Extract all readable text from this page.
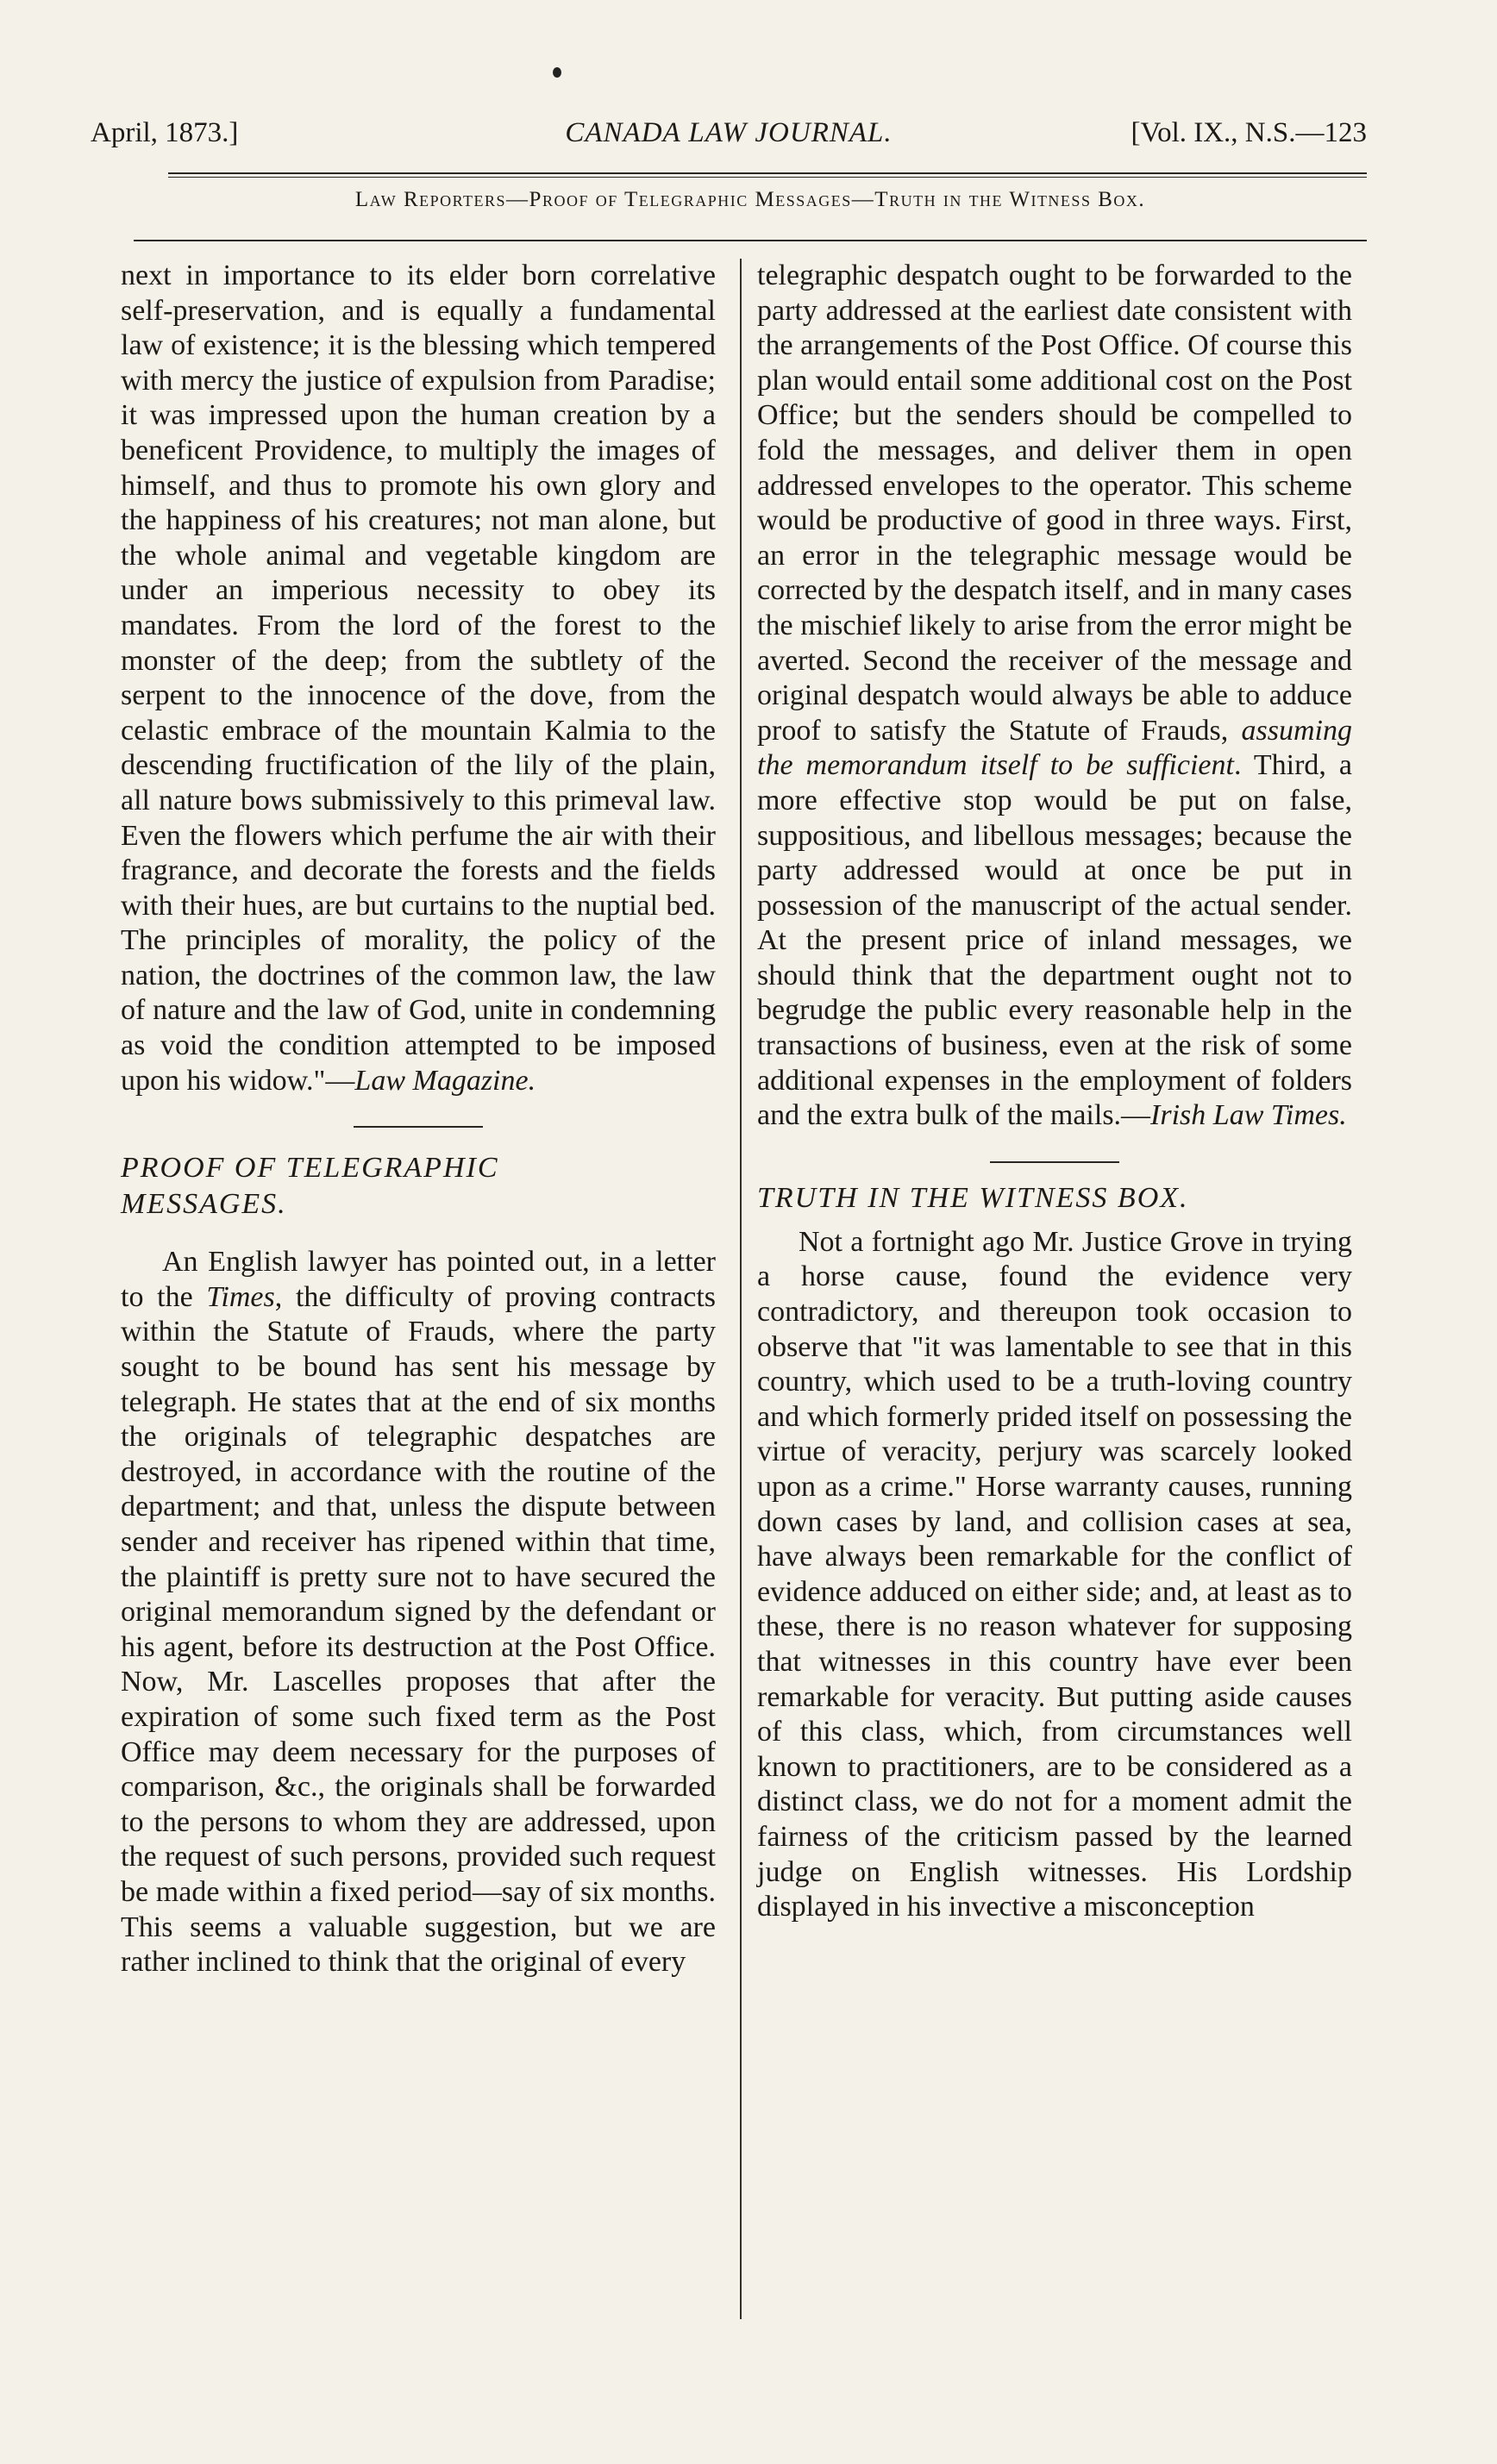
April, 1873.]	CANADA LAW JOURNAL.	[Vol. IX., N.S.—123
Law Reporters—Proof of Telegraphic Messages—Truth in the Witness Box.

next in importance to its elder born correlative self-preservation, and is equally a fundamental law of existence; it is the blessing which tempered with mercy the justice of expulsion from Paradise; it was impressed upon the human creation by a beneficent Providence, to multiply the images of himself, and thus to promote his own glory and the happiness of his creatures; not man alone, but the whole animal and vegetable kingdom are under an imperious necessity to obey its mandates. From the lord of the forest to the monster of the deep; from the subtlety of the serpent to the innocence of the dove, from the celastic embrace of the mountain Kalmia to the descending fructification of the lily of the plain, all nature bows submissively to this primeval law. Even the flowers which perfume the air with their fragrance, and decorate the forests and the fields with their hues, are but curtains to the nuptial bed. The principles of morality, the policy of the nation, the doctrines of the common law, the law of nature and the law of God, unite in condemning as void the condition attempted to be imposed upon his widow."—Law Magazine.

PROOF OF TELEGRAPHIC
MESSAGES.

An English lawyer has pointed out, in a letter to the Times, the difficulty of proving contracts within the Statute of Frauds, where the party sought to be bound has sent his message by telegraph. He states that at the end of six months the originals of telegraphic despatches are destroyed, in accordance with the routine of the department; and that, unless the dispute between sender and receiver has ripened within that time, the plaintiff is pretty sure not to have secured the original memorandum signed by the defendant or his agent, before its destruction at the Post Office. Now, Mr. Lascelles proposes that after the expiration of some such fixed term as the Post Office may deem necessary for the purposes of comparison, &c., the originals shall be forwarded to the persons to whom they are addressed, upon the request of such persons, provided such request be made within a fixed period—say of six months. This seems a valuable suggestion, but we are rather inclined to think that the original of every

telegraphic despatch ought to be forwarded to the party addressed at the earliest date consistent with the arrangements of the Post Office. Of course this plan would entail some additional cost on the Post Office; but the senders should be compelled to fold the messages, and deliver them in open addressed envelopes to the operator. This scheme would be productive of good in three ways. First, an error in the telegraphic message would be corrected by the despatch itself, and in many cases the mischief likely to arise from the error might be averted. Second the receiver of the message and original despatch would always be able to adduce proof to satisfy the Statute of Frauds, assuming the memorandum itself to be sufficient. Third, a more effective stop would be put on false, suppositious, and libellous messages; because the party addressed would at once be put in possession of the manuscript of the actual sender. At the present price of inland messages, we should think that the department ought not to begrudge the public every reasonable help in the transactions of business, even at the risk of some additional expenses in the employment of folders and the extra bulk of the mails.—Irish Law Times.

TRUTH IN THE WITNESS BOX.

Not a fortnight ago Mr. Justice Grove in trying a horse cause, found the evidence very contradictory, and thereupon took occasion to observe that "it was lamentable to see that in this country, which used to be a truth-loving country and which formerly prided itself on possessing the virtue of veracity, perjury was scarcely looked upon as a crime." Horse warranty causes, running down cases by land, and collision cases at sea, have always been remarkable for the conflict of evidence adduced on either side; and, at least as to these, there is no reason whatever for supposing that witnesses in this country have ever been remarkable for veracity. But putting aside causes of this class, which, from circumstances well known to practitioners, are to be considered as a distinct class, we do not for a moment admit the fairness of the criticism passed by the learned judge on English witnesses. His Lordship displayed in his invective a misconception
